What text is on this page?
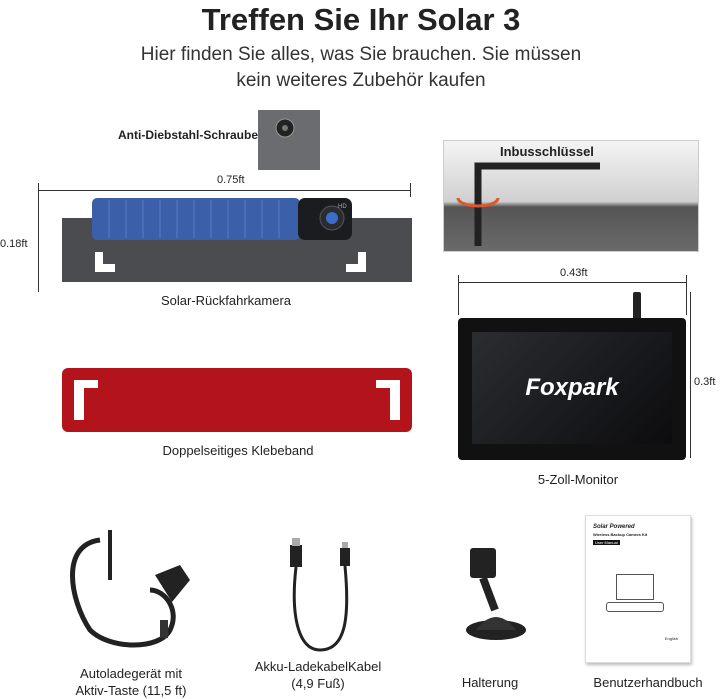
Treffen Sie Ihr Solar 3
Hier finden Sie alles, was Sie brauchen. Sie müssen
kein weiteres Zubehör kaufen
Anti-Diebstahl-Schraube
0.75ft
0.18ft
HD
Solar-Rückfahrkamera
Doppelseitiges Klebeband
Inbusschlüssel
0.43ft
0.3ft
Foxpark
5-Zoll-Monitor
Solar Powered
Wireless Backup Camera Kit
User Manual
English
Autoladegerät mit
Aktiv-Taste (11,5 ft)
Akku-LadekabelKabel
(4,9 Fuß)	Halterung	Benutzerhandbuch
